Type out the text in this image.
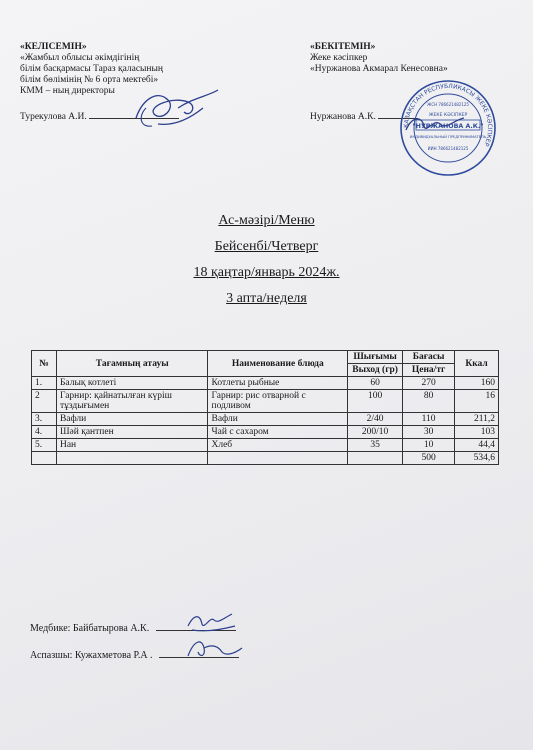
«КЕЛІСЕМІН»
«Жамбыл облысы әкімдігінің
білім басқармасы Тараз қаласының
білім бөлімінің № 6 орта мектебі»
КММ – ның директоры
Турекулова А.И.
«БЕКІТЕМІН»
Жеке кәсіпкер
«Нуржанова Акмарал Кенесовна»
Нуржанова А.К.
ҚАЗАҚСТАН РЕСПУБЛИКАСЫ ЖЕКЕ КӘСІПКЕР
ЖСН 786621482125
ЖЕКЕ КӘСІПКЕР
"НУРЖАНОВА А.К."
ИНДИВИДУАЛЬНЫЙ ПРЕДПРИНИМАТЕЛЬ
ИИН 786621482125
Ас-мәзірі/Меню
Бейсенбі/Четверг
18 қаңтар/январь 2024ж.
3 апта/неделя
№	Тағамның атауы	Наименование блюда	Шығымы	Бағасы	Ккал
			Выход (гр)	Цена/тг	
1.	Балық котлеті	Котлеты рыбные	60	270	160
2	Гарнир: қайнатылған күріш тұздығымен	Гарнир: рис отварной с подливом	100	80	16
3.	Вафли	Вафли	2/40	110	211,2
4.	Шәй қантпен	Чай с сахаром	200/10	30	103
5.	Нан	Хлеб	35	10	44,4
				500	534,6
Медбике: Байбатырова А.К.
Аспазшы: Кужахметова Р.А .
